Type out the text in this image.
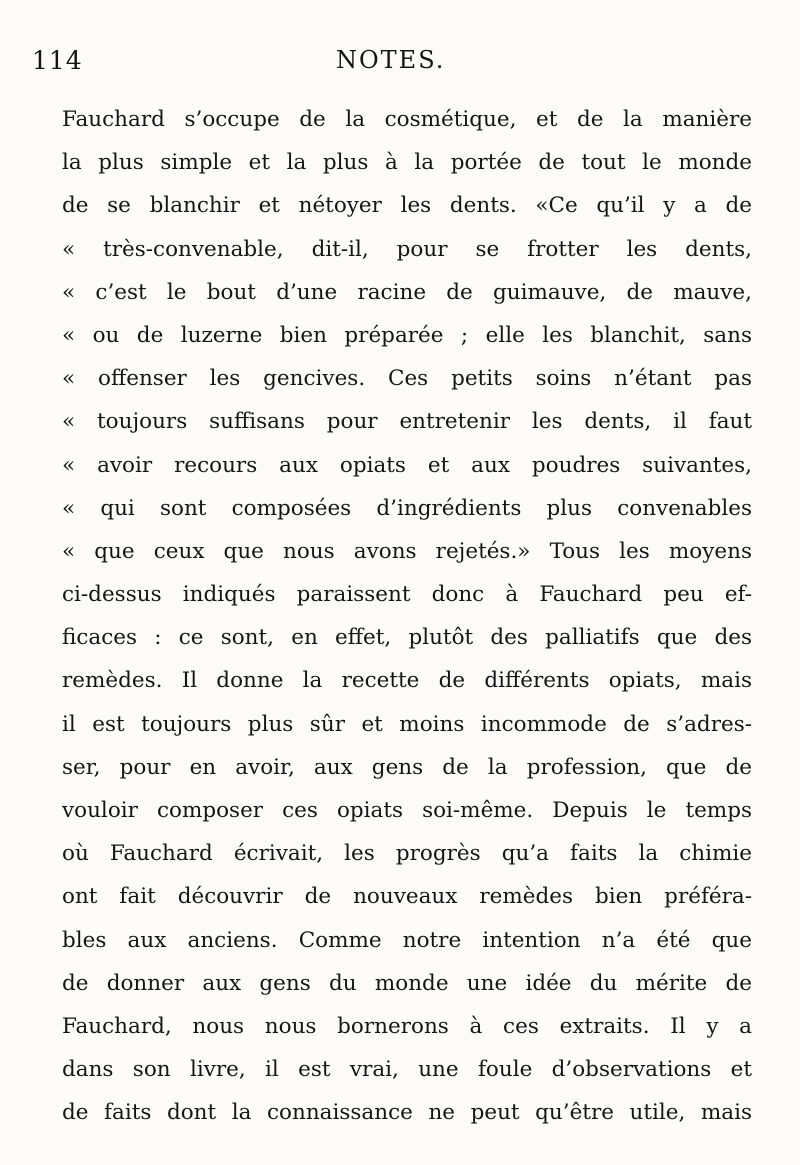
114	NOTES.
Fauchard s’occupe de la cosmétique, et de la manière
la plus simple et la plus à la portée de tout le monde
de se blanchir et nétoyer les dents. «Ce qu’il y a de
« très-convenable, dit-il, pour se frotter les dents,
« c’est le bout d’une racine de guimauve, de mauve,
« ou de luzerne bien préparée ; elle les blanchit, sans
« offenser les gencives. Ces petits soins n’étant pas
« toujours suffisans pour entretenir les dents, il faut
« avoir recours aux opiats et aux poudres suivantes,
« qui sont composées d’ingrédients plus convenables
« que ceux que nous avons rejetés.» Tous les moyens
ci-dessus indiqués paraissent donc à Fauchard peu ef-
ficaces : ce sont, en effet, plutôt des palliatifs que des
remèdes. Il donne la recette de différents opiats, mais
il est toujours plus sûr et moins incommode de s’adres-
ser, pour en avoir, aux gens de la profession, que de
vouloir composer ces opiats soi-même. Depuis le temps
où Fauchard écrivait, les progrès qu’a faits la chimie
ont fait découvrir de nouveaux remèdes bien préféra-
bles aux anciens. Comme notre intention n’a été que
de donner aux gens du monde une idée du mérite de
Fauchard, nous nous bornerons à ces extraits. Il y a
dans son livre, il est vrai, une foule d’observations et
de faits dont la connaissance ne peut qu’être utile, mais
